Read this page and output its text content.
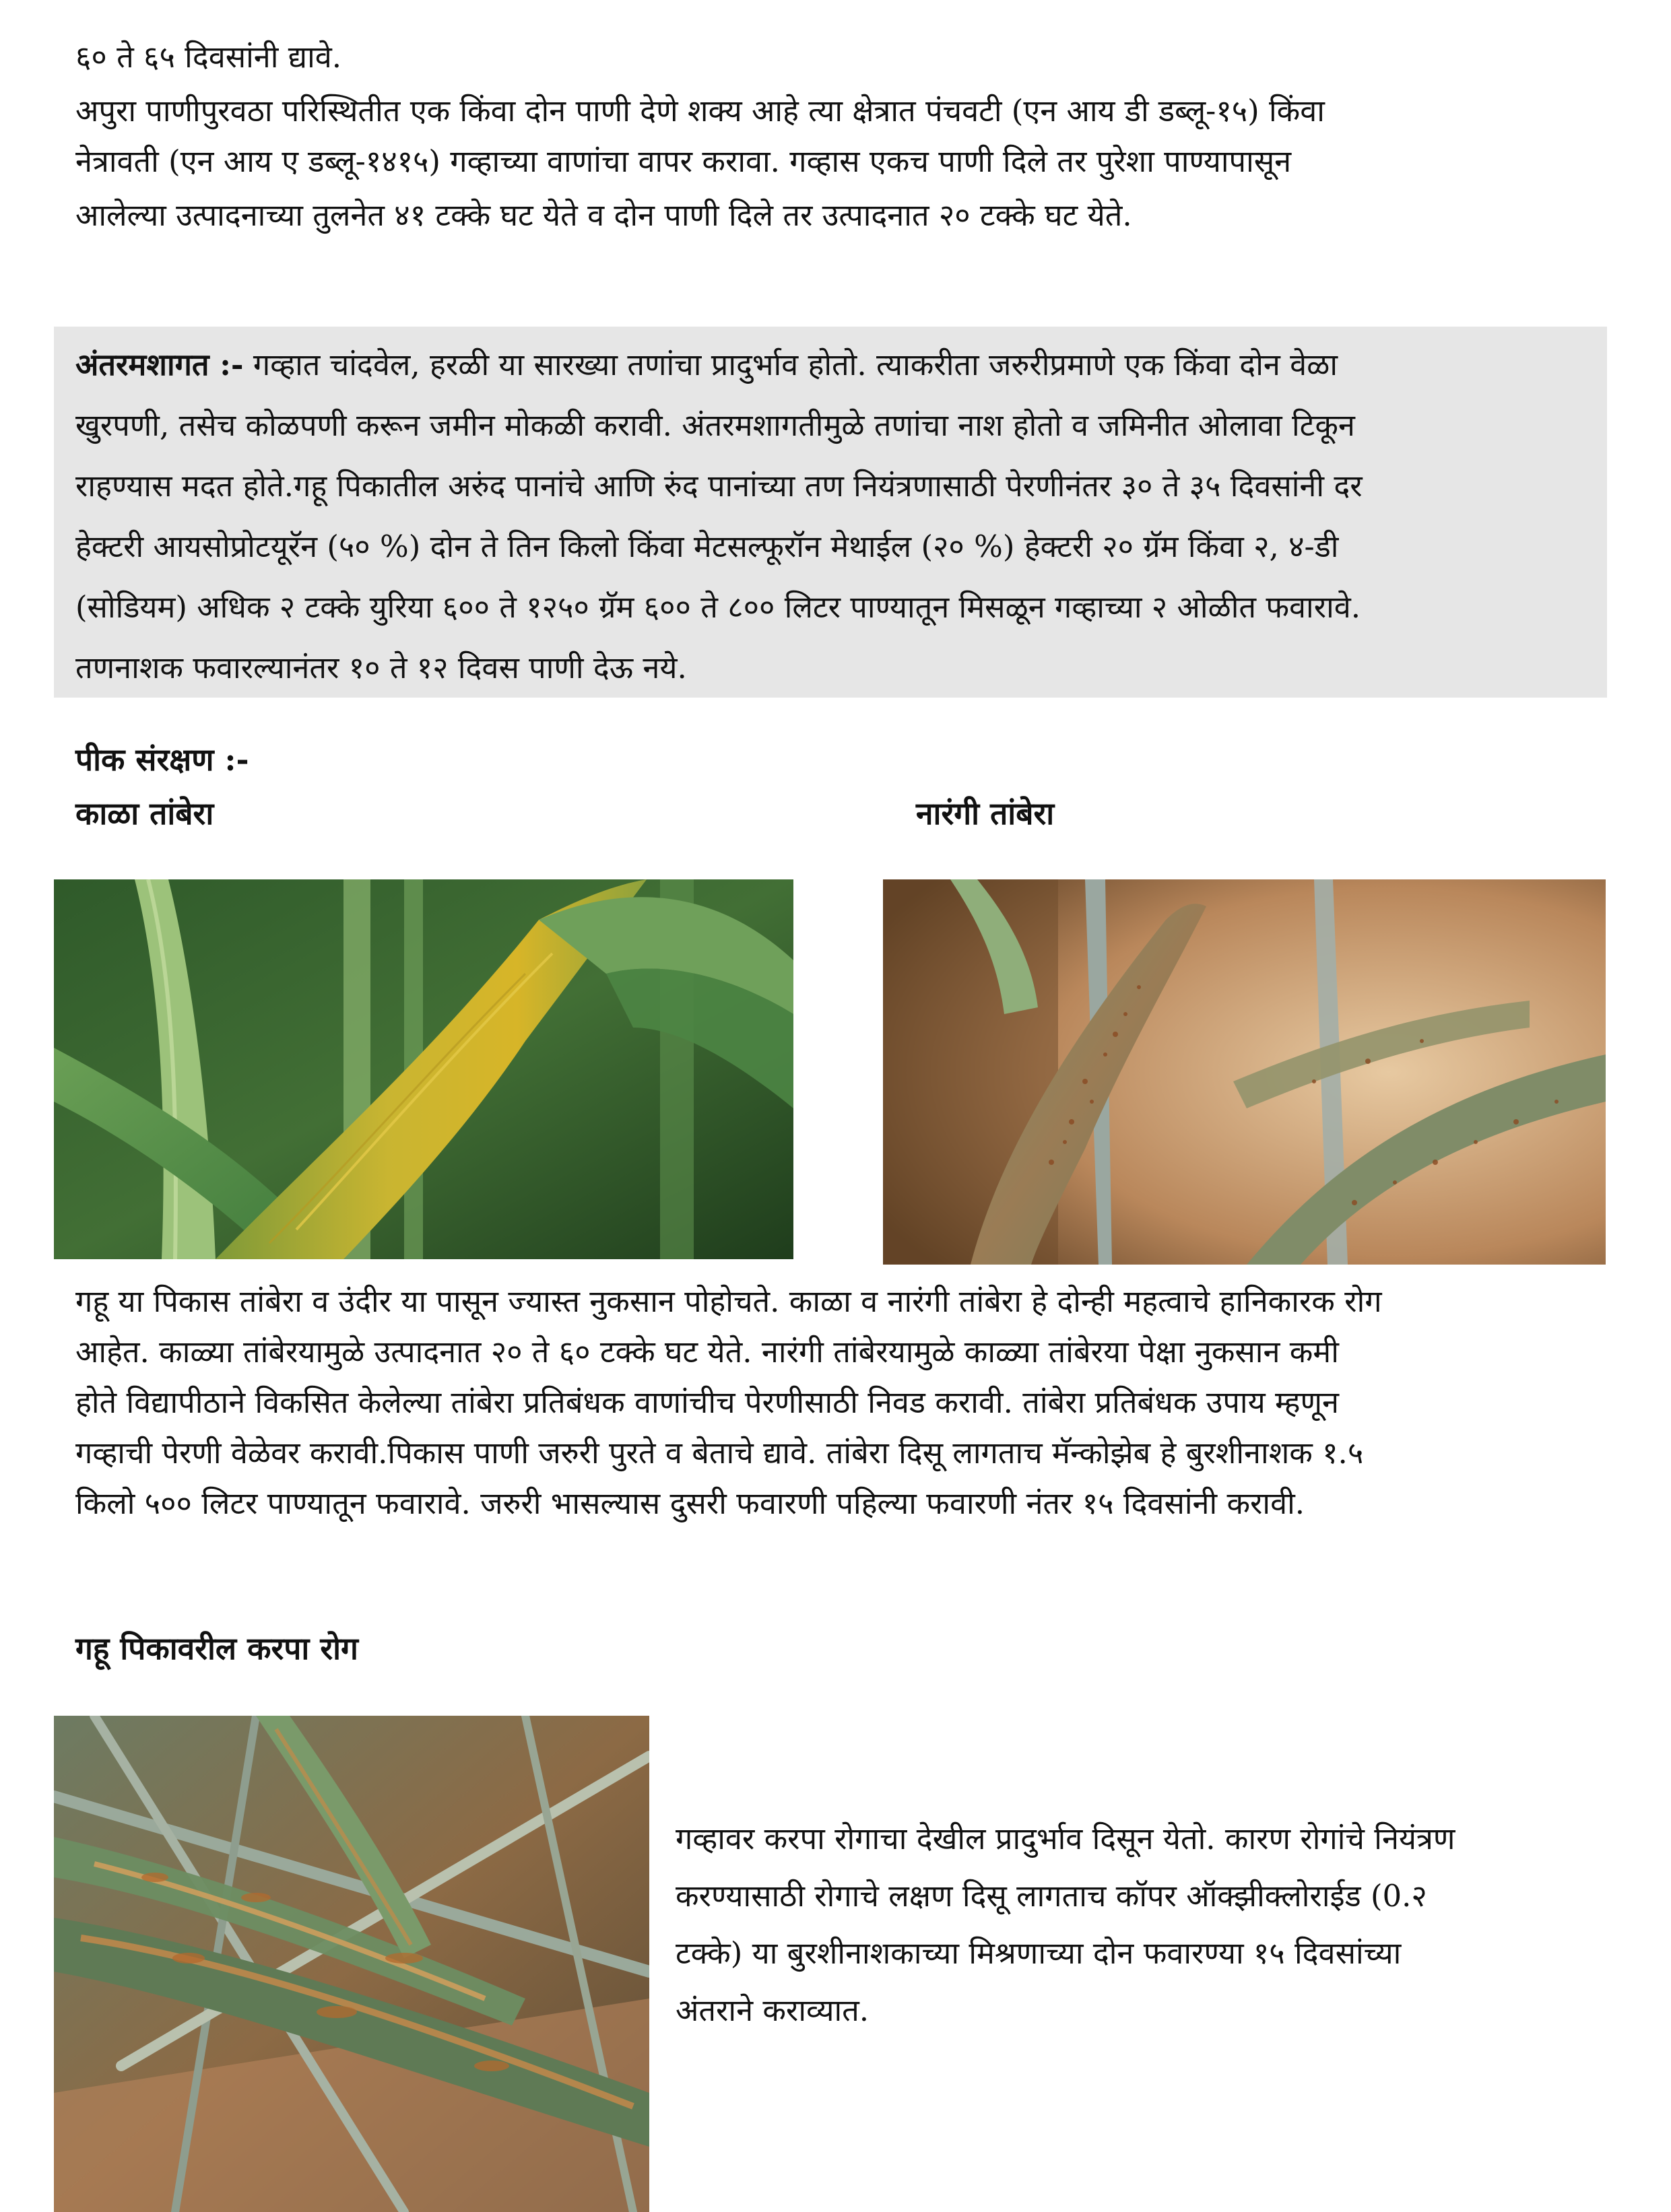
६० ते ६५ दिवसांनी द्यावे.
अपुरा पाणीपुरवठा परिस्थितीत एक किंवा दोन पाणी देणे शक्य आहे त्या क्षेत्रात पंचवटी (एन आय डी डब्लू-१५) किंवा
नेत्रावती (एन आय ए डब्लू-१४१५) गव्हाच्या वाणांचा वापर करावा. गव्हास एकच पाणी दिले तर पुरेशा पाण्यापासून
आलेल्या उत्पादनाच्या तुलनेत ४१ टक्के घट येते व दोन पाणी दिले तर उत्पादनात २० टक्के घट येते.
अंतरमशागत :- गव्हात चांदवेल, हरळी या सारख्या तणांचा प्रादुर्भाव होतो. त्याकरीता जरुरीप्रमाणे एक किंवा दोन वेळा
खुरपणी, तसेच कोळपणी करून जमीन मोकळी करावी. अंतरमशागतीमुळे तणांचा नाश होतो व जमिनीत ओलावा टिकून
राहण्यास मदत होते.गहू पिकातील अरुंद पानांचे आणि रुंद पानांच्या तण नियंत्रणासाठी पेरणीनंतर ३० ते ३५ दिवसांनी दर
हेक्टरी आयसोप्रोटयूरॅन (५० %) दोन ते तिन किलो किंवा मेटसल्फूरॉन मेथाईल (२० %) हेक्टरी २० ग्रॅम किंवा २, ४-डी
(सोडियम) अधिक २ टक्के युरिया ६०० ते १२५० ग्रॅम ६०० ते ८०० लिटर पाण्यातून मिसळून गव्हाच्या २ ओळीत फवारावे.
तणनाशक फवारल्यानंतर १० ते १२ दिवस पाणी देऊ नये.

पीक संरक्षण :-

काळा तांबेरा	नारंगी तांबेरा

गहू या पिकास तांबेरा व उंदीर या पासून ज्यास्त नुकसान पोहोचते. काळा व नारंगी तांबेरा हे दोन्ही महत्वाचे हानिकारक रोग
आहेत. काळ्या तांबेरयामुळे उत्पादनात २० ते ६० टक्के घट येते. नारंगी तांबेरयामुळे काळ्या तांबेरया पेक्षा नुकसान कमी
होते विद्यापीठाने विकसित केलेल्या तांबेरा प्रतिबंधक वाणांचीच पेरणीसाठी निवड करावी. तांबेरा प्रतिबंधक उपाय म्हणून
गव्हाची पेरणी वेळेवर करावी.पिकास पाणी जरुरी पुरते व बेताचे द्यावे. तांबेरा दिसू लागताच मॅन्कोझेब हे बुरशीनाशक १.५
किलो ५०० लिटर पाण्यातून फवारावे. जरुरी भासल्यास दुसरी फवारणी पहिल्या फवारणी नंतर १५ दिवसांनी करावी.

गहू पिकावरील करपा रोग

गव्हावर करपा रोगाचा देखील प्रादुर्भाव दिसून येतो. कारण रोगांचे नियंत्रण
करण्यासाठी रोगाचे लक्षण दिसू लागताच कॉपर ऑक्झीक्लोराईड (0.२
टक्के) या बुरशीनाशकाच्या मिश्रणाच्या दोन फवारण्या १५ दिवसांच्या
अंतराने कराव्यात.
